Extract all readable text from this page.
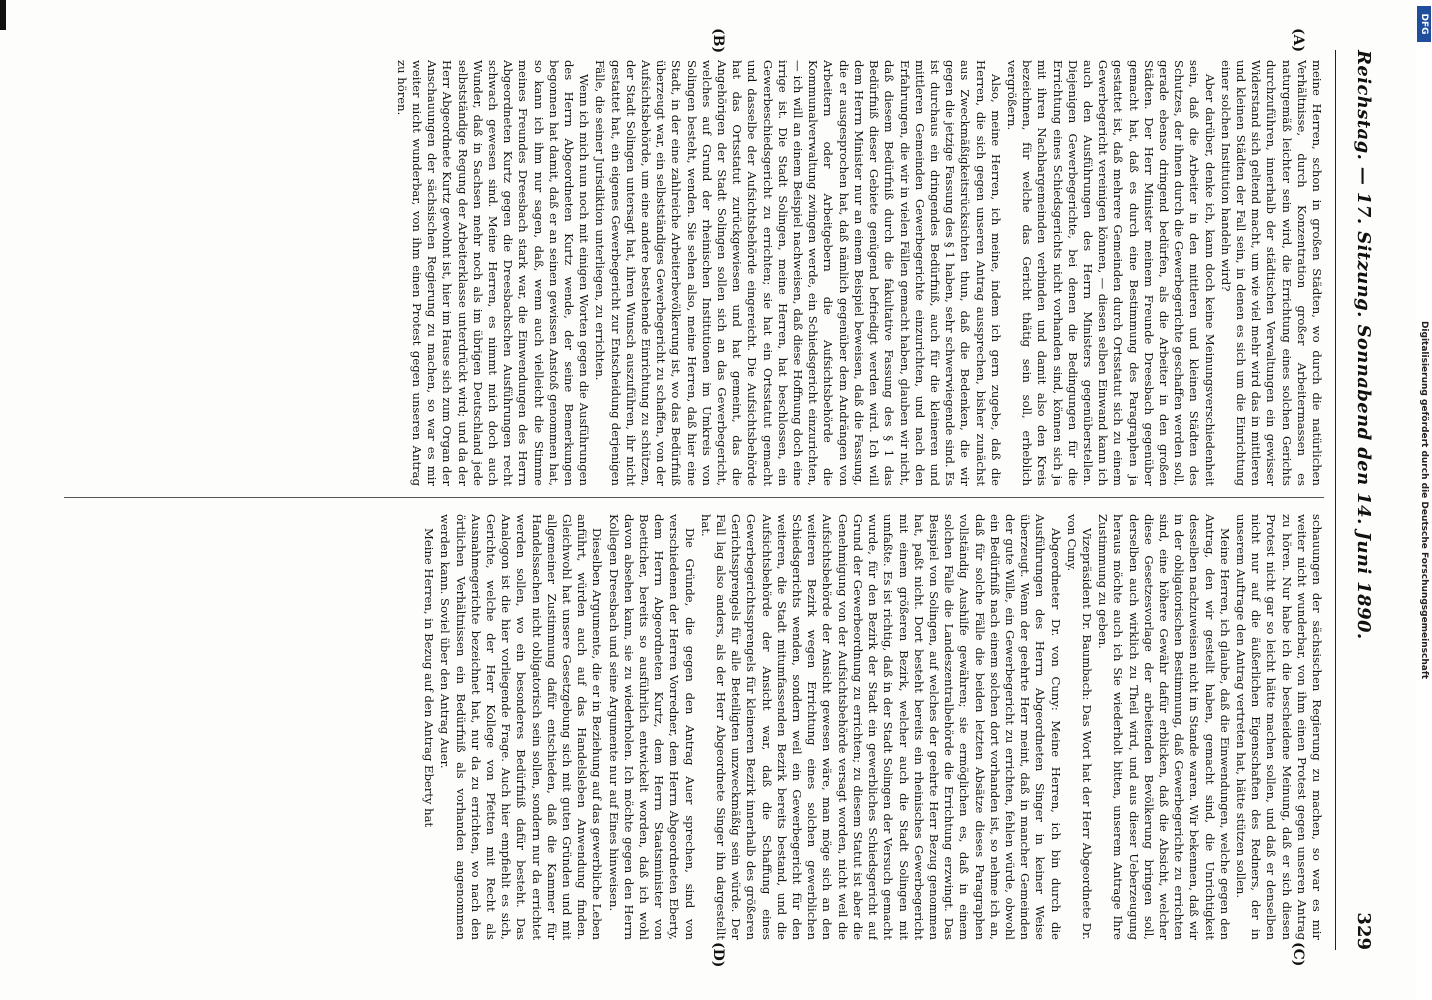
Reichstag. — 17. Sitzung. Sonnabend den 14. Juni 1890.
329
(A)
(B)
(C)
(D)

meine Herren, schon in großen Städten, wo durch die natürlichen Verhältnisse, durch Konzentration großer Arbeitermassen es naturgemäß leichter sein wird, die Errichtung eines solchen Gerichts durchzuführen, innerhalb der städtischen Verwaltungen ein gewisser Widerstand sich geltend macht, um wie viel mehr wird das in mittleren und kleinen Städten der Fall sein, in denen es sich um die Einrichtung einer solchen Institution handeln wird?

Aber darüber, denke ich, kann doch keine Meinungsverschiedenheit sein, daß die Arbeiter in den mittleren und kleinen Städten des Schutzes, der ihnen durch die Gewerbegerichte geschaffen werden soll, gerade ebenso dringend bedürfen, als die Arbeiter in den großen Städten. Der Herr Minister meinem Freunde Dreesbach gegenüber gemacht hat, daß es durch eine Bestimmung des Paragraphen ja gestattet ist, daß mehrere Gemeinden durch Ortsstatut sich zu einem Gewerbegericht vereinigen können, — diesen selben Einwand kann ich auch den Ausführungen des Herrn Ministers gegenüberstellen. Diejenigen Gewerbegerichte, bei denen die Bedingungen für die Errichtung eines Schiedsgerichts nicht vorhanden sind, können sich ja mit ihren Nachbargemeinden verbinden und damit also den Kreis bezeichnen, für welche das Gericht thätig sein soll, erheblich vergrößern.

Also, meine Herren, ich meine, indem ich gern zugebe, daß die Herren, die sich gegen unseren Antrag aussprechen, bisher zunächst aus Zweckmäßigkeitsrücksichten thun, daß die Bedenken, die wir gegen die jetzige Fassung des § 1 haben, sehr schwerwiegende sind. Es ist durchaus ein dringendes Bedürfniß, auch für die kleineren und mittleren Gemeinden Gewerbegerichte einzurichten, und nach den Erfahrungen, die wir in vielen Fällen gemacht haben, glauben wir nicht, daß diesem Bedürfniß durch die fakultative Fassung des § 1 das Bedürfniß dieser Gebiete genügend befriedigt werden wird. Ich will dem Herrn Minister nur an einem Beispiel beweisen, daß die Fassung, die er ausgesprochen hat, daß nämlich gegenüber dem Andrängen von Arbeitern oder Arbeitgebern die Aufsichtsbehörde die Kommunalverwaltung zwingen werde, ein Schiedsgericht einzurichten, — ich will an einem Beispiel nachweisen, daß diese Hoffnung doch eine irrige ist. Die Stadt Solingen, meine Herren, hat beschlossen, ein Gewerbeschiedsgericht zu errichten; sie hat ein Ortsstatut gemacht und dasselbe der Aufsichtsbehörde eingereicht. Die Aufsichtsbehörde hat das Ortsstatut zurückgewiesen und hat gemeint, das die Angehörigen der Stadt Solingen sollen sich an das Gewerbegericht, welches auf Grund der rheinischen Institutionen im Umkreis von Solingen besteht, wenden. Sie sehen also, meine Herren, daß hier eine Stadt, in der eine zahlreiche Arbeiterbevölkerung ist, wo das Bedürfniß überzeugt war, ein selbstständiges Gewerbegericht zu schaffen, von der Aufsichtsbehörde, um eine andere bestehende Einrichtung zu schützen, der Stadt Solingen untersagt hat, ihren Wunsch auszuführen, ihr nicht gestattet hat, ein eigenes Gewerbegericht zur Entscheidung derjenigen Fälle, die seiner Jurisdiktion unterliegen, zu errichten.

Wenn ich mich nun noch mit einigen Worten gegen die Ausführungen des Herrn Abgeordneten Kurtz wende, der seine Bemerkungen begonnen hat damit, daß er an seinen gewissen Anstoß genommen hat, so kann ich ihm nur sagen, daß, wenn auch vielleicht die Stimme meines Freundes Dreesbach stark war, die Einwendungen des Herrn Abgeordneten Kurtz gegen die Dreesbachschen Ausführungen recht schwach gewesen sind. Meine Herren, es nimmt mich doch auch Wunder, daß in Sachsen mehr noch als im übrigen Deutschland jede selbstständige Regung der Arbeiterklasse unterdrückt wird; und da der Herr Abgeordnete Kurtz gewohnt ist, hier im Hause sich zum Organ der Anschauungen der sächsischen Regierung zu machen, so war es mir weiter nicht wunderbar, von ihm einen Protest gegen unseren Antrag zu hören.

schauungen der sächsischen Regierung zu machen, so war es mir weiter nicht wunderbar, von ihm einen Protest gegen unseren Antrag zu hören. Nur habe ich die bescheidene Meinung, daß er sich diesen Protest nicht gar so leicht hätte machen sollen, und daß er denselben nicht nur auf die äußerlichen Eigenschaften des Redners, der in unserem Auftrage den Antrag vertreten hat, hätte stützen sollen.

Meine Herren, ich glaube, daß die Einwendungen, welche gegen den Antrag, den wir gestellt haben, gemacht sind, die Unrichtigkeit desselben nachzuweisen nicht im Stande waren. Wir bekennen, daß wir in der obligatorischen Bestimmung, daß Gewerbegerichte zu errichten sind, eine höhere Gewähr dafür erblicken, daß die Absicht, welcher diese Gesetzesvorlage der arbeitenden Bevölkerung bringen soll, derselben auch wirklich zu Theil wird, und aus dieser Ueberzeugung heraus möchte auch ich Sie wiederholt bitten, unserem Antrage Ihre Zustimmung zu geben.

Vizepräsident Dr. Baumbach: Das Wort hat der Herr Abgeordnete Dr. von Cuny.

Abgeordneter Dr. von Cuny: Meine Herren, ich bin durch die Ausführungen des Herrn Abgeordneten Singer in keiner Weise überzeugt. Wenn der geehrte Herr meint, daß in mancher Gemeinden der gute Wille, ein Gewerbegericht zu errichten, fehlen würde, obwohl ein Bedürfniß nach einem solchen dort vorhanden ist, so nehme ich an, daß für solche Fälle die beiden letzten Absätze dieses Paragraphen vollständig Aushilfe gewähren; sie ermöglichen es, daß in einem solchen Falle die Landeszentralbehörde die Errichtung erzwingt. Das Beispiel von Solingen, auf welches der geehrte Herr Bezug genommen hat, paßt nicht. Dort besteht bereits ein rheinisches Gewerbegericht mit einem größeren Bezirk, welcher auch die Stadt Solingen mit umfaßte. Es ist richtig, daß in der Stadt Solingen der Versuch gemacht wurde, für den Bezirk der Stadt ein gewerbliches Schiedsgericht auf Grund der Gewerbeordnung zu errichten; zu diesem Statut ist aber die Genehmigung von der Aufsichtsbehörde versagt worden, nicht weil die Aufsichtsbehörde der Ansicht gewesen wäre, man möge sich an den weiteren Bezirk wegen Errichtung eines solchen gewerblichen Schiedsgerichts wenden, sondern weil ein Gewerbegericht für den weiteren, die Stadt mitumfassenden Bezirk bereits bestand, und die Aufsichtsbehörde der Ansicht war, daß die Schaffung eines Gewerbegerichtssprengels für kleineren Bezirk innerhalb des größeren Gerichtssprengels für alle Beteiligten unzweckmäßig sein würde. Der Fall lag also anders, als der Herr Abgeordnete Singer ihn dargestellt hat.

Die Gründe, die gegen den Antrag Auer sprechen, sind von verschiedenen der Herren Vorredner, dem Herrn Abgeordneten Eberty, dem Herrn Abgeordneten Kurtz, dem Herrn Staatsminister von Boetticher, bereits so ausführlich entwickelt worden, daß ich wohl davon absehen kann, sie zu wiederholen. Ich möchte gegen den Herrn Kollegen Dreesbach und seine Argumente nur auf Eines hinweisen.

Dieselben Argumente, die er in Beziehung auf das gewerbliche Leben anführt, würden auch auf das Handelsleben Anwendung finden. Gleichwohl hat unsere Gesetzgebung sich mit guten Gründen und mit allgemeiner Zustimmung dafür entschieden, daß die Kammer für Handelssachen nicht obligatorisch sein sollen, sondern nur da errichtet werden sollen, wo ein besonderes Bedürfniß dafür besteht. Das Analogon ist die hier vorliegende Frage. Auch hier empfiehlt es sich, Gerichte, welche der Herr Kollege von Pfetten mit Recht als Ausnahmegerichte bezeichnet hat, nur da zu errichten, wo nach den örtlichen Verhältnissen ein Bedürfniß als vorhanden angenommen werden kann. Soviel über den Antrag Auer.

Meine Herren, in Bezug auf den Antrag Eberty hat

DFG
Digitalisierung gefördert durch die Deutsche Forschungsgemeinschaft
